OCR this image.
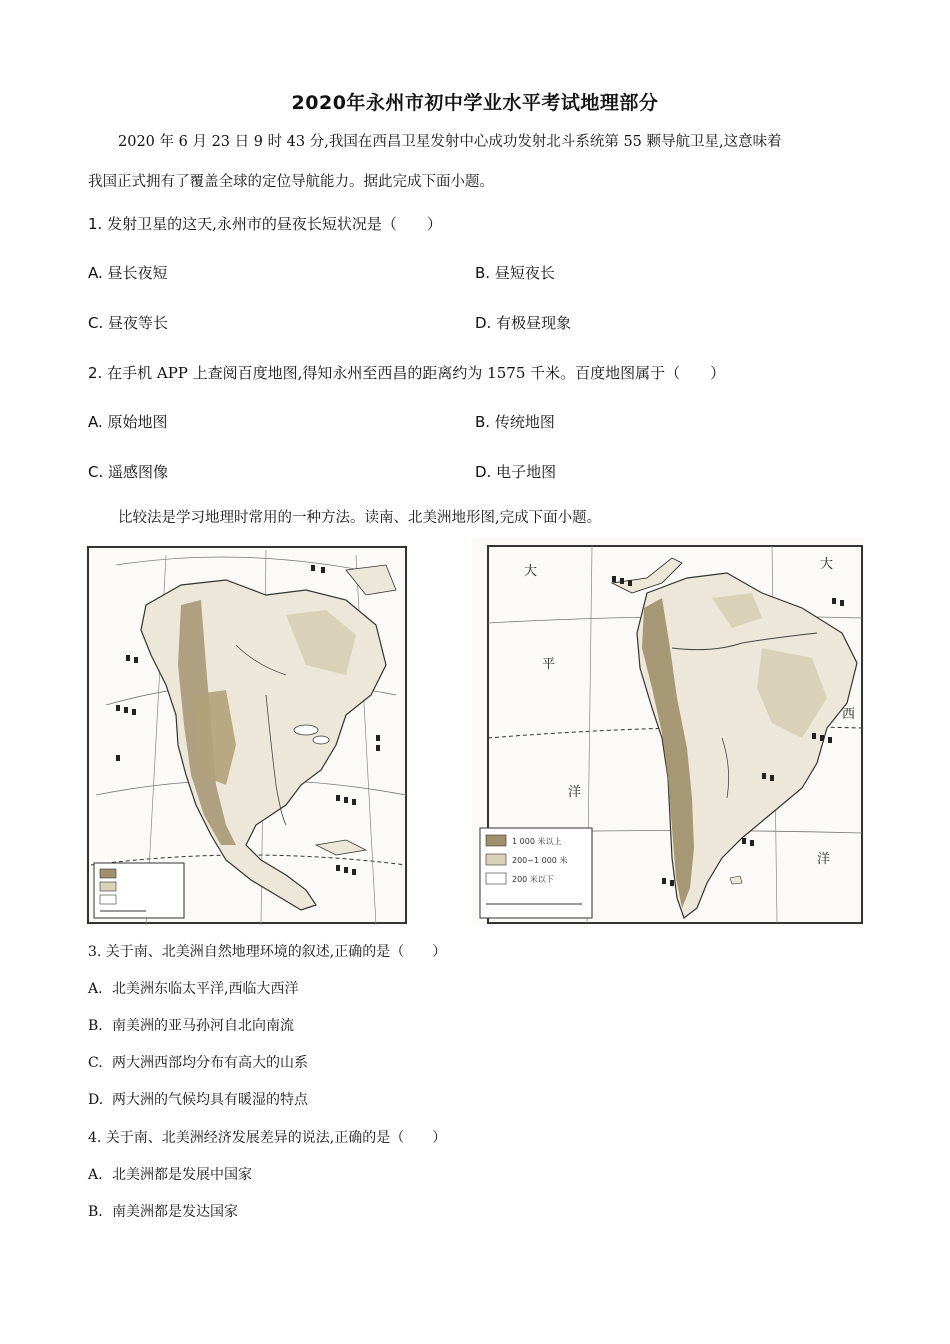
2020年永州市初中学业水平考试地理部分
2020 年 6 月 23 日 9 时 43 分,我国在西昌卫星发射中心成功发射北斗系统第 55 颗导航卫星,这意味着
我国正式拥有了覆盖全球的定位导航能力。据此完成下面小题。
1. 发射卫星的这天,永州市的昼夜长短状况是（　　）
A. 昼长夜短	B. 昼短夜长
C. 昼夜等长	D. 有极昼现象
2. 在手机 APP 上查阅百度地图,得知永州至西昌的距离约为 1575 千米。百度地图属于（　　）
A. 原始地图	B. 传统地图
C. 遥感图像	D. 电子地图
比较法是学习地理时常用的一种方法。读南、北美洲地形图,完成下面小题。
大
平
洋
大
西
洋
1 000 米以上
200~1 000 米
200 米以下
3. 关于南、北美洲自然地理环境的叙述,正确的是（　　）
A. 北美洲东临太平洋,西临大西洋
B. 南美洲的亚马孙河自北向南流
C. 两大洲西部均分布有高大的山系
D. 两大洲的气候均具有暖湿的特点
4. 关于南、北美洲经济发展差异的说法,正确的是（　　）
A. 北美洲都是发展中国家
B. 南美洲都是发达国家
